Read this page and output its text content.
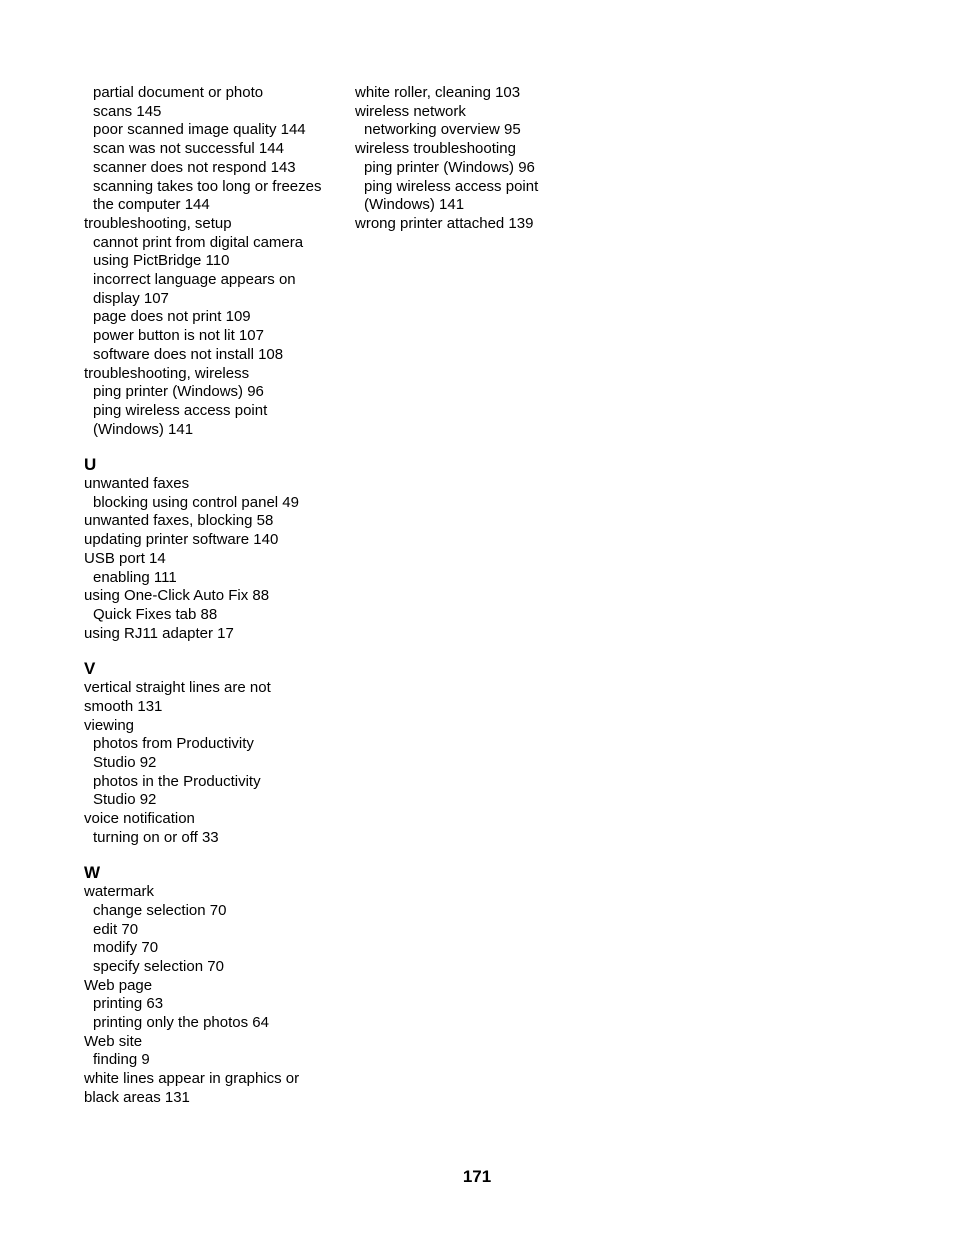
partial document or photo
scans 145
poor scanned image quality 144
scan was not successful 144
scanner does not respond 143
scanning takes too long or freezes
the computer 144
troubleshooting, setup
cannot print from digital camera
using PictBridge 110
incorrect language appears on
display 107
page does not print 109
power button is not lit 107
software does not install 108
troubleshooting, wireless
ping printer (Windows) 96
ping wireless access point
(Windows) 141
U
unwanted faxes
blocking using control panel 49
unwanted faxes, blocking 58
updating printer software 140
USB port 14
enabling 111
using One-Click Auto Fix 88
Quick Fixes tab 88
using RJ11 adapter 17
V
vertical straight lines are not
smooth 131
viewing
photos from Productivity
Studio 92
photos in the Productivity
Studio 92
voice notification
turning on or off 33
W
watermark
change selection 70
edit 70
modify 70
specify selection 70
Web page
printing 63
printing only the photos 64
Web site
finding 9
white lines appear in graphics or
black areas 131
white roller, cleaning 103
wireless network
networking overview 95
wireless troubleshooting
ping printer (Windows) 96
ping wireless access point
(Windows) 141
wrong printer attached 139
171
